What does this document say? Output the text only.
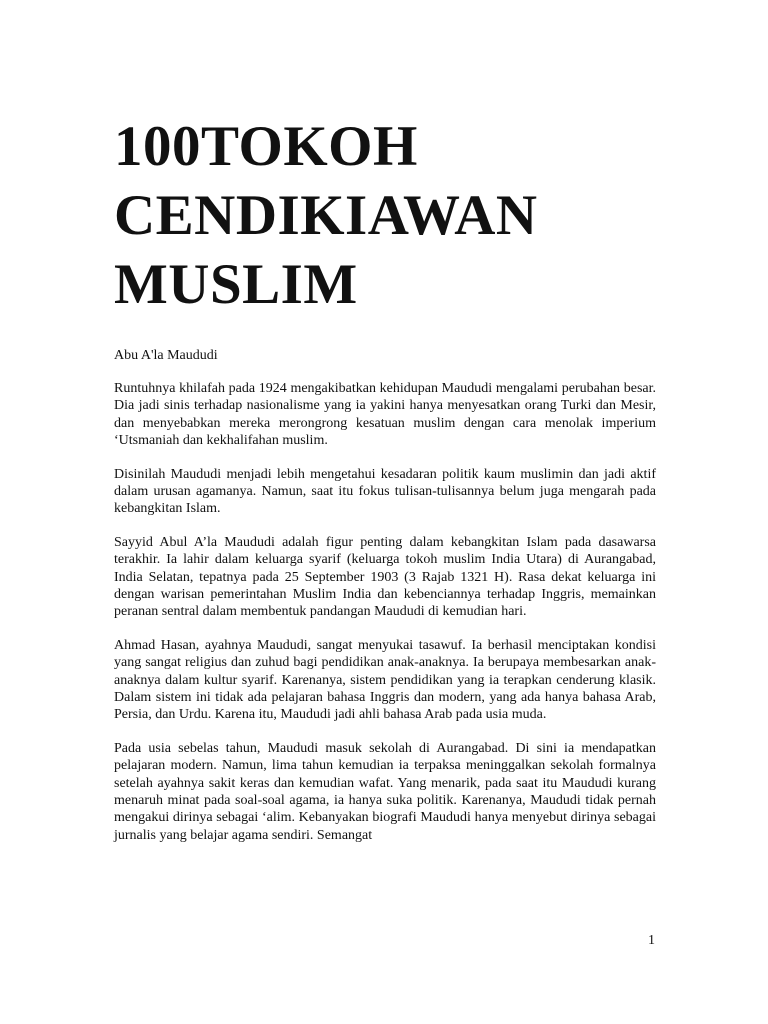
100TOKOH
CENDIKIAWAN
MUSLIM

Abu A'la Maududi

Runtuhnya khilafah pada 1924 mengakibatkan kehidupan Maududi mengalami perubahan besar. Dia jadi sinis terhadap nasionalisme yang ia yakini hanya menyesatkan orang Turki dan Mesir, dan menyebabkan mereka merongrong kesatuan muslim dengan cara menolak imperium ‘Utsmaniah dan kekhalifahan muslim.

Disinilah Maududi menjadi lebih mengetahui kesadaran politik kaum muslimin dan jadi aktif dalam urusan agamanya. Namun, saat itu fokus tulisan-tulisannya belum juga mengarah pada kebangkitan Islam.

Sayyid Abul A’la Maududi adalah figur penting dalam kebangkitan Islam pada dasawarsa terakhir. Ia lahir dalam keluarga syarif (keluarga tokoh muslim India Utara) di Aurangabad, India Selatan, tepatnya pada 25 September 1903 (3 Rajab 1321 H). Rasa dekat keluarga ini dengan warisan pemerintahan Muslim India dan kebenciannya terhadap Inggris, memainkan peranan sentral dalam membentuk pandangan Maududi di kemudian hari.

Ahmad Hasan, ayahnya Maududi, sangat menyukai tasawuf. Ia berhasil menciptakan kondisi yang sangat religius dan zuhud bagi pendidikan anak-anaknya. Ia berupaya membesarkan anak-anaknya dalam kultur syarif. Karenanya, sistem pendidikan yang ia terapkan cenderung klasik. Dalam sistem ini tidak ada pelajaran bahasa Inggris dan modern, yang ada hanya bahasa Arab, Persia, dan Urdu. Karena itu, Maududi jadi ahli bahasa Arab pada usia muda.

Pada usia sebelas tahun, Maududi masuk sekolah di Aurangabad. Di sini ia mendapatkan pelajaran modern. Namun, lima tahun kemudian ia terpaksa meninggalkan sekolah formalnya setelah ayahnya sakit keras dan kemudian wafat. Yang menarik, pada saat itu Maududi kurang menaruh minat pada soal-soal agama, ia hanya suka politik. Karenanya, Maududi tidak pernah mengakui dirinya sebagai ‘alim. Kebanyakan biografi Maududi hanya menyebut dirinya sebagai jurnalis yang belajar agama sendiri. Semangat

1
